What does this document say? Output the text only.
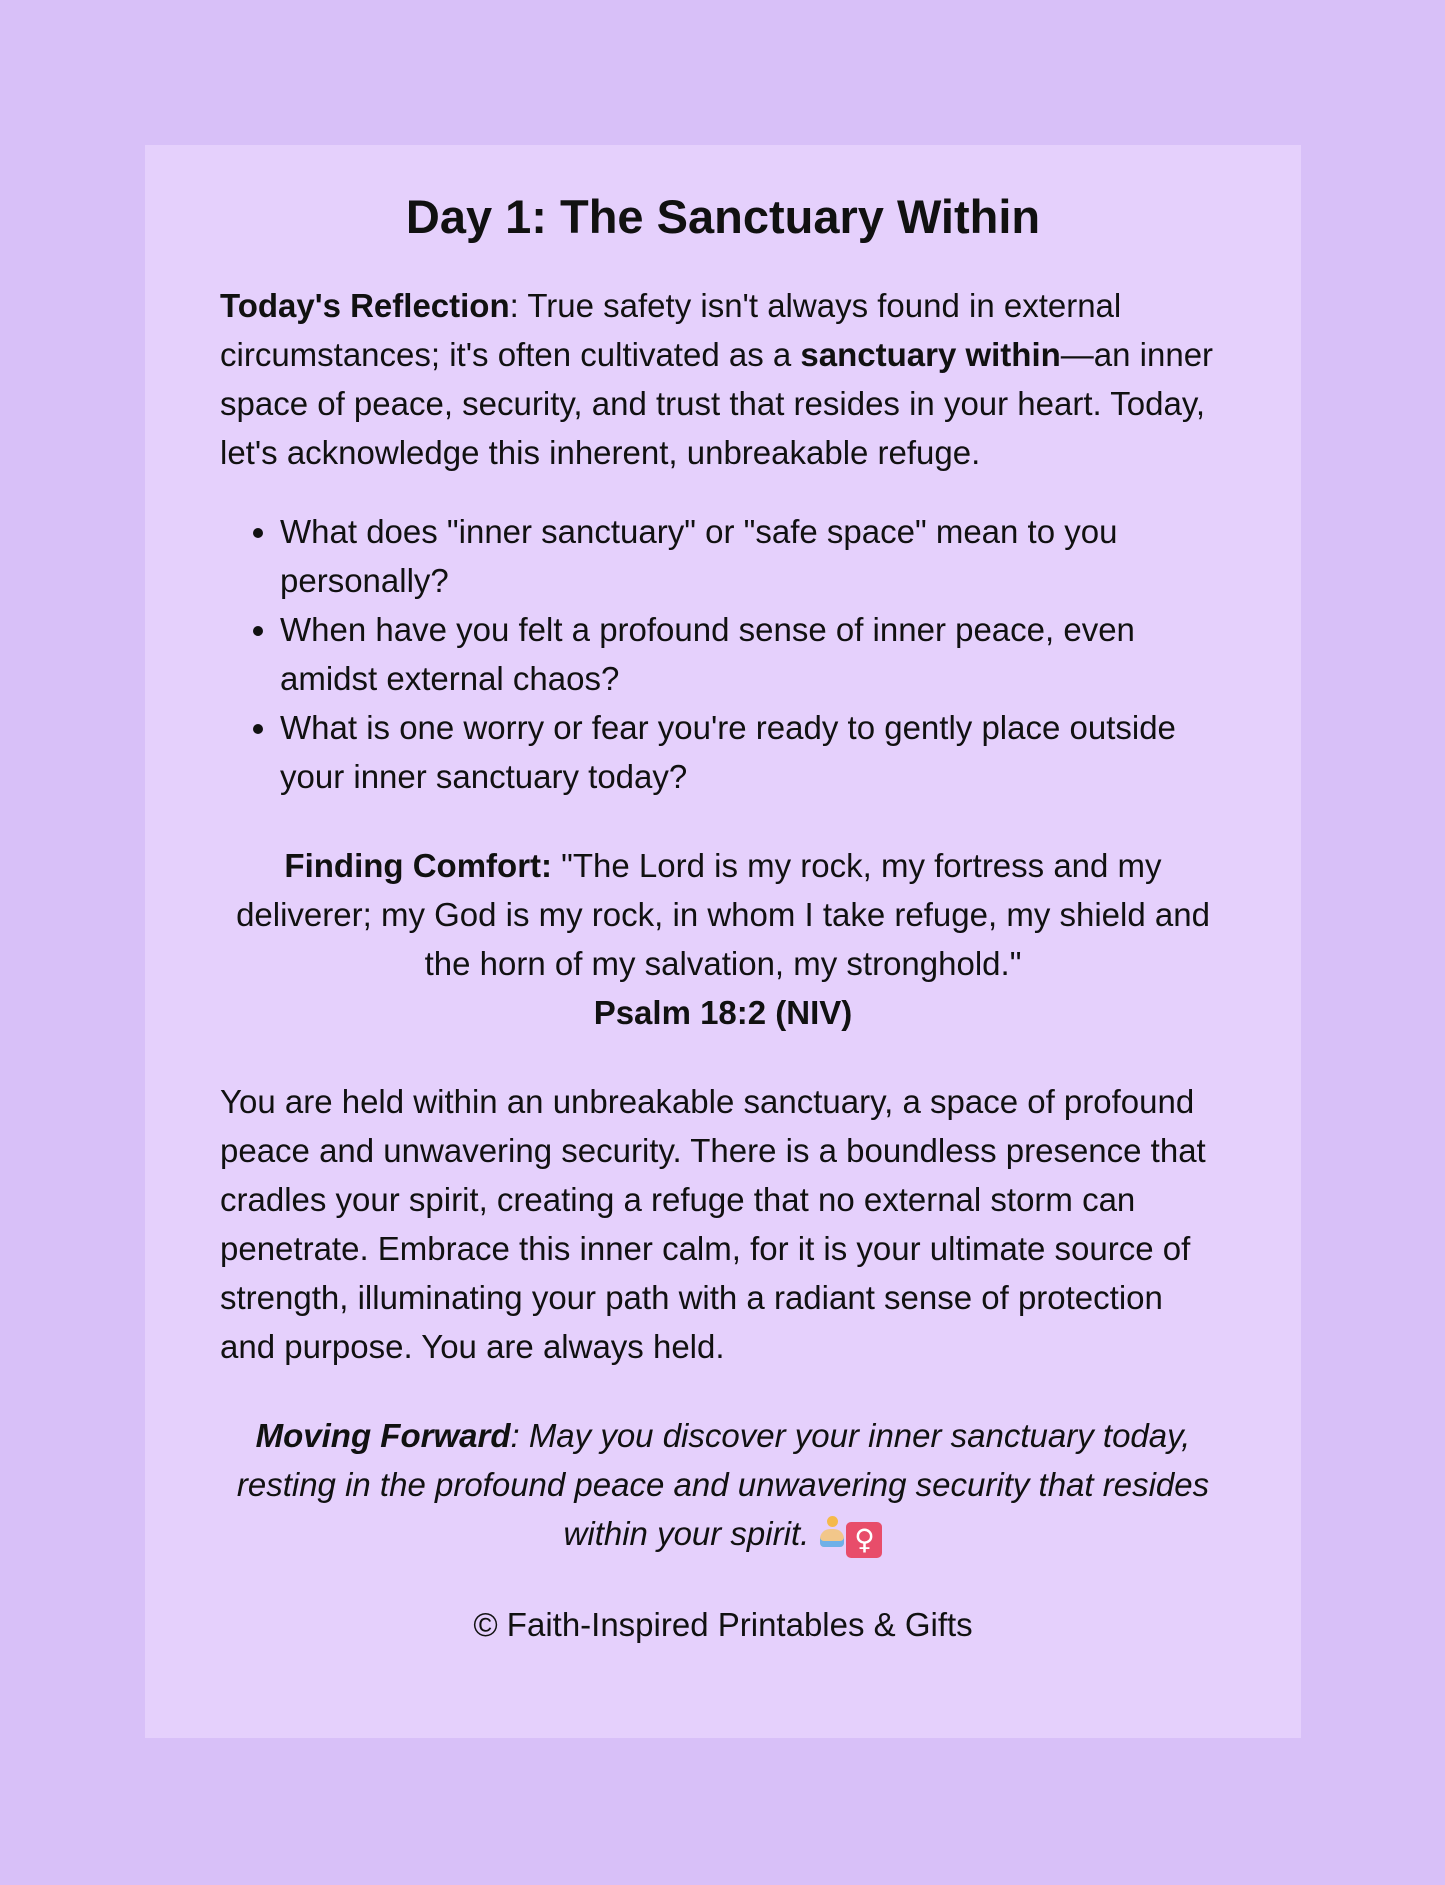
Day 1: The Sanctuary Within

Today's Reflection: True safety isn't always found in external circumstances; it's often cultivated as a sanctuary within—an inner space of peace, security, and trust that resides in your heart. Today, let's acknowledge this inherent, unbreakable refuge.

• What does "inner sanctuary" or "safe space" mean to you personally?
• When have you felt a profound sense of inner peace, even amidst external chaos?
• What is one worry or fear you're ready to gently place outside your inner sanctuary today?

Finding Comfort: "The Lord is my rock, my fortress and my deliverer; my God is my rock, in whom I take refuge, my shield and the horn of my salvation, my stronghold."
Psalm 18:2 (NIV)

You are held within an unbreakable sanctuary, a space of profound peace and unwavering security. There is a boundless presence that cradles your spirit, creating a refuge that no external storm can penetrate. Embrace this inner calm, for it is your ultimate source of strength, illuminating your path with a radiant sense of protection and purpose. You are always held.

Moving Forward: May you discover your inner sanctuary today, resting in the profound peace and unwavering security that resides within your spirit. ♀

© Faith-Inspired Printables & Gifts
